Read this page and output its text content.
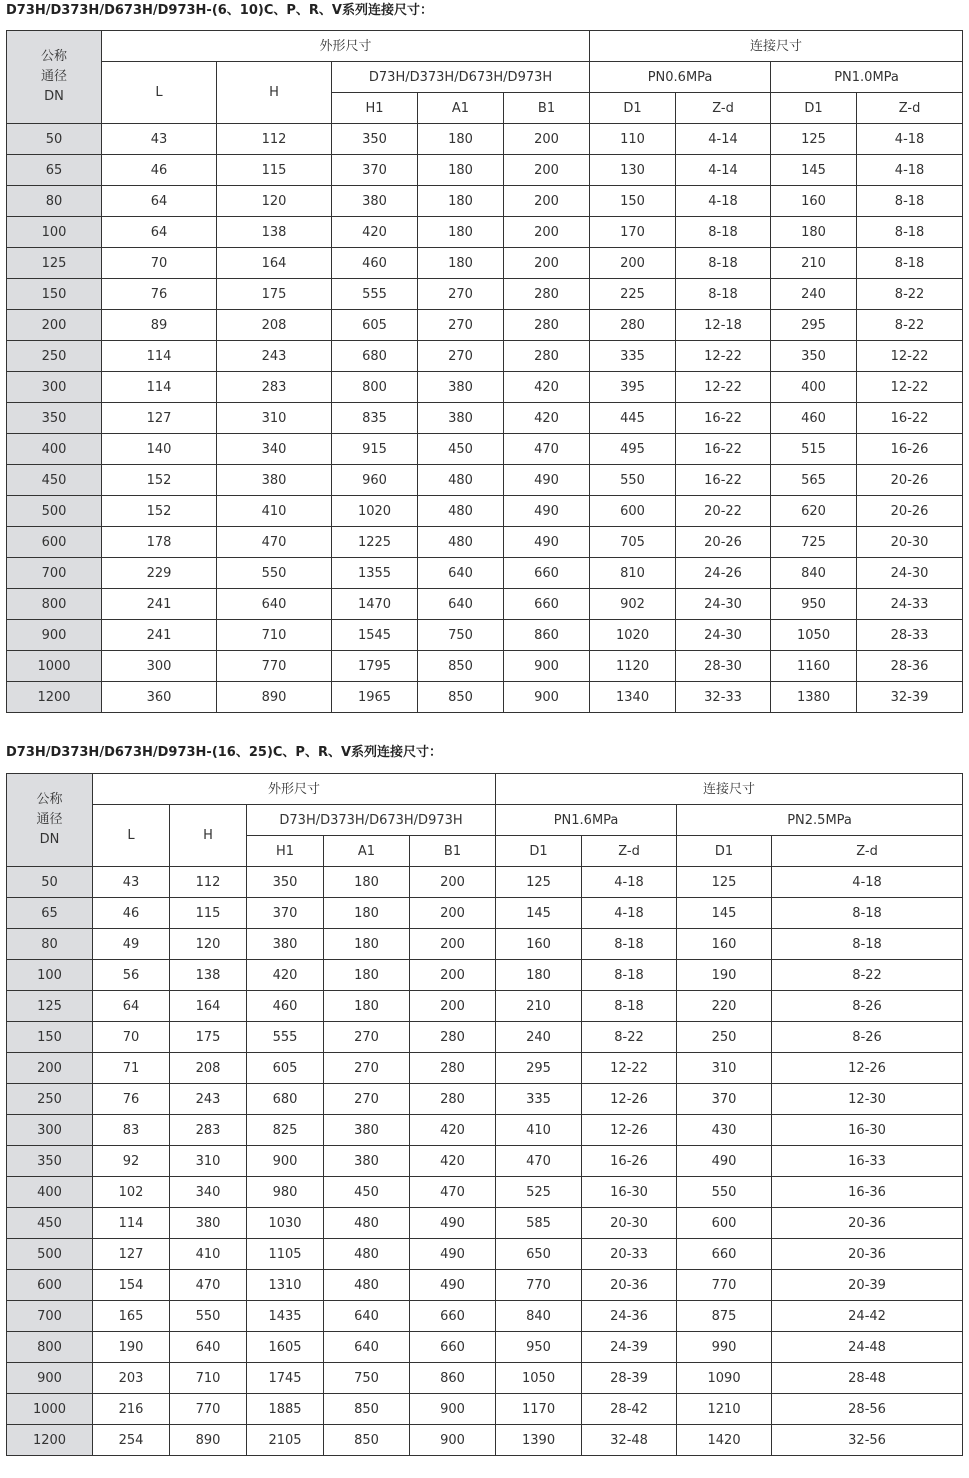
D73H/D373H/D673H/D973H-(6、10)C、P、R、V系列连接尺寸：
公称
通径
DN	外形尺寸					连接尺寸			
	L	H	D73H/D373H/D673H/D973H			PN0.6MPa		PN1.0MPa	
			H1	A1	B1	D1	Z-d	D1	Z-d
50	43	112	350	180	200	110	4-14	125	4-18
65	46	115	370	180	200	130	4-14	145	4-18
80	64	120	380	180	200	150	4-18	160	8-18
100	64	138	420	180	200	170	8-18	180	8-18
125	70	164	460	180	200	200	8-18	210	8-18
150	76	175	555	270	280	225	8-18	240	8-22
200	89	208	605	270	280	280	12-18	295	8-22
250	114	243	680	270	280	335	12-22	350	12-22
300	114	283	800	380	420	395	12-22	400	12-22
350	127	310	835	380	420	445	16-22	460	16-22
400	140	340	915	450	470	495	16-22	515	16-26
450	152	380	960	480	490	550	16-22	565	20-26
500	152	410	1020	480	490	600	20-22	620	20-26
600	178	470	1225	480	490	705	20-26	725	20-30
700	229	550	1355	640	660	810	24-26	840	24-30
800	241	640	1470	640	660	902	24-30	950	24-33
900	241	710	1545	750	860	1020	24-30	1050	28-33
1000	300	770	1795	850	900	1120	28-30	1160	28-36
1200	360	890	1965	850	900	1340	32-33	1380	32-39
D73H/D373H/D673H/D973H-(16、25)C、P、R、V系列连接尺寸：
公称
通径
DN	外形尺寸					连接尺寸			
	L	H	D73H/D373H/D673H/D973H			PN1.6MPa		PN2.5MPa	
			H1	A1	B1	D1	Z-d	D1	Z-d
50	43	112	350	180	200	125	4-18	125	4-18
65	46	115	370	180	200	145	4-18	145	8-18
80	49	120	380	180	200	160	8-18	160	8-18
100	56	138	420	180	200	180	8-18	190	8-22
125	64	164	460	180	200	210	8-18	220	8-26
150	70	175	555	270	280	240	8-22	250	8-26
200	71	208	605	270	280	295	12-22	310	12-26
250	76	243	680	270	280	335	12-26	370	12-30
300	83	283	825	380	420	410	12-26	430	16-30
350	92	310	900	380	420	470	16-26	490	16-33
400	102	340	980	450	470	525	16-30	550	16-36
450	114	380	1030	480	490	585	20-30	600	20-36
500	127	410	1105	480	490	650	20-33	660	20-36
600	154	470	1310	480	490	770	20-36	770	20-39
700	165	550	1435	640	660	840	24-36	875	24-42
800	190	640	1605	640	660	950	24-39	990	24-48
900	203	710	1745	750	860	1050	28-39	1090	28-48
1000	216	770	1885	850	900	1170	28-42	1210	28-56
1200	254	890	2105	850	900	1390	32-48	1420	32-56
